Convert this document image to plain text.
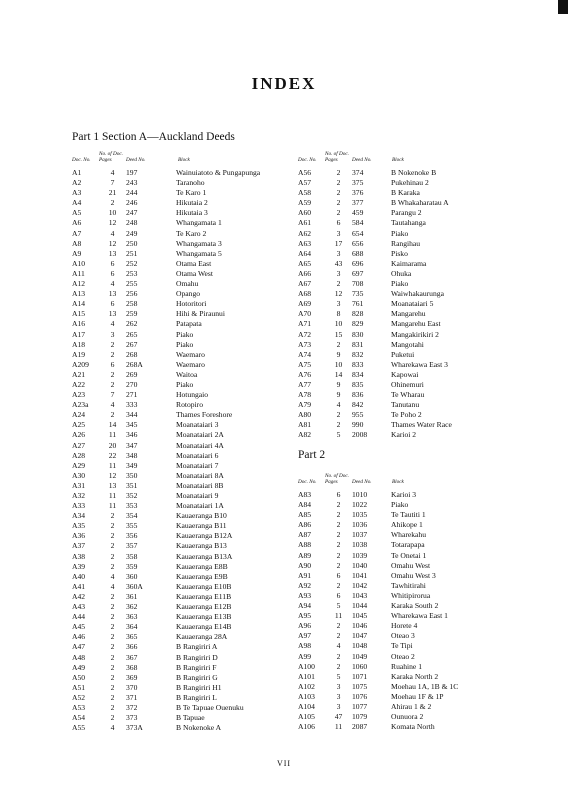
INDEX
Part 1 Section A—Auckland Deeds
Doc. No.
No. of Doc. Pages	Deed No.	Block
A1	4	197	Wainuiatoto & Pungapunga
A2	7	243	Taranoho
A3	21	244	Te Karo 1
A4	2	246	Hikutaia 2
A5	10	247	Hikutaia 3
A6	12	248	Whangamata 1
A7	4	249	Te Karo 2
A8	12	250	Whangamata 3
A9	13	251	Whangamata 5
A10	6	252	Otama East
A11	6	253	Otama West
A12	4	255	Omahu
A13	13	256	Opango
A14	6	258	Hotoritori
A15	13	259	Hihi & Piraunui
A16	4	262	Patapata
A17	3	265	Piako
A18	2	267	Piako
A19	2	268	Waemaro
A209	6	268A	Waemaro
A21	2	269	Waitoa
A22	2	270	Piako
A23	7	271	Hotungaio
A23a	4	333	Rotopiro
A24	2	344	Thames Foreshore
A25	14	345	Moanataiari 3
A26	11	346	Moanataiari 2A
A27	20	347	Moanataiari 4A
A28	22	348	Moanataiari 6
A29	11	349	Moanataiari 7
A30	12	350	Moanataiari 8A
A31	13	351	Moanataiari 8B
A32	11	352	Moanataiari 9
A33	11	353	Moanataiari 1A
A34	2	354	Kauaeranga B10
A35	2	355	Kauaeranga B11
A36	2	356	Kauaeranga B12A
A37	2	357	Kauaeranga B13
A38	2	358	Kauaeranga B13A
A39	2	359	Kauaeranga E8B
A40	4	360	Kauaeranga E9B
A41	4	360A	Kauaeranga E10B
A42	2	361	Kauaeranga E11B
A43	2	362	Kauaeranga E12B
A44	2	363	Kauaeranga E13B
A45	2	364	Kauaeranga E14B
A46	2	365	Kauaeranga 28A
A47	2	366	B Rangiriri A
A48	2	367	B Rangiriri D
A49	2	368	B Rangiriri F
A50	2	369	B Rangiriri G
A51	2	370	B Rangiriri H1
A52	2	371	B Rangiriri L
A53	2	372	B Te Tapuae Ouenuku
A54	2	373	B Tapuae
A55	4	373A	B Nokenoke A
Doc. No.
No. of Doc. Pages	Deed No.	Block
A56	2	374	B Nokenoke B
A57	2	375	Pukehinau 2
A58	2	376	B Karaka
A59	2	377	B Whakaharatau A
A60	2	459	Parangu 2
A61	6	584	Tautahanga
A62	3	654	Piako
A63	17	656	Rangihau
A64	3	688	Pisko
A65	43	696	Kaimarama
A66	3	697	Ohuka
A67	2	708	Piako
A68	12	735	Waiwhakaurunga
A69	3	761	Moanataiari 5
A70	8	828	Mangarehu
A71	10	829	Mangarehu East
A72	15	830	Mangakirikiri 2
A73	2	831	Mangotahi
A74	9	832	Puketui
A75	10	833	Wharekawa East 3
A76	14	834	Kapowai
A77	9	835	Ohinemuri
A78	9	836	Te Wharau
A79	4	842	Tanutanu
A80	2	955	Te Poho 2
A81	2	990	Thames Water Race
A82	5	2008	Karioi 2
Part 2
Doc. No.
No. of Doc. Pages	Deed No.	Block
A83	6	1010	Karioi 3
A84	2	1022	Piako
A85	2	1035	Te Tautiti 1
A86	2	1036	Ahikope 1
A87	2	1037	Wharekahu
A88	2	1038	Totarapapa
A89	2	1039	Te Onetai 1
A90	2	1040	Omahu West
A91	6	1041	Omahu West 3
A92	2	1042	Tawhitirahi
A93	6	1043	Whitipirorua
A94	5	1044	Karaka South 2
A95	11	1045	Wharekawa East 1
A96	2	1046	Horete 4
A97	2	1047	Oteao 3
A98	4	1048	Te Tipi
A99	2	1049	Oteao 2
A100	2	1060	Ruahine 1
A101	5	1071	Karaka North 2
A102	3	1075	Moehau 1A, 1B & 1C
A103	3	1076	Moehau 1F & 1P
A104	3	1077	Ahirau 1 & 2
A105	47	1079	Ounuora 2
A106	11	2087	Komata North
VII
